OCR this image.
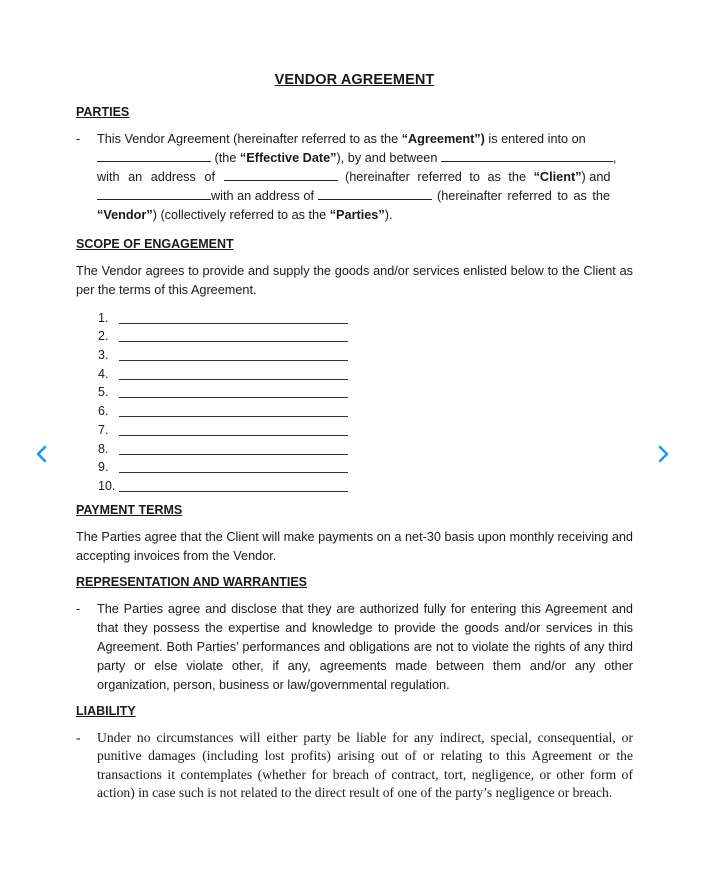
VENDOR AGREEMENT
PARTIES
- This Vendor Agreement (hereinafter referred to as the “Agreement”) is entered into on
(the “Effective Date”), by and between	,
with an address of	(hereinafter referred to as the “Client”) and
with an address of	(hereinafter referred to as the
“Vendor”) (collectively referred to as the “Parties”).
SCOPE OF ENGAGEMENT

The Vendor agrees to provide and supply the goods and/or services enlisted below to the Client as per the terms of this Agreement.

1.
2.
3.
4.
5.
6.
7.
8.
9.
10.
PAYMENT TERMS

The Parties agree that the Client will make payments on a net-30 basis upon monthly receiving and accepting invoices from the Vendor.

REPRESENTATION AND WARRANTIES
- The Parties agree and disclose that they are authorized fully for entering this Agreement and that they possess the expertise and knowledge to provide the goods and/or services in this Agreement. Both Parties’ performances and obligations are not to violate the rights of any third party or else violate other, if any, agreements made between them and/or any other organization, person, business or law/governmental regulation.
LIABILITY
- Under no circumstances will either party be liable for any indirect, special, consequential, or punitive damages (including lost profits) arising out of or relating to this Agreement or the transactions it contemplates (whether for breach of contract, tort, negligence, or other form of action) in case such is not related to the direct result of one of the party’s negligence or breach.
